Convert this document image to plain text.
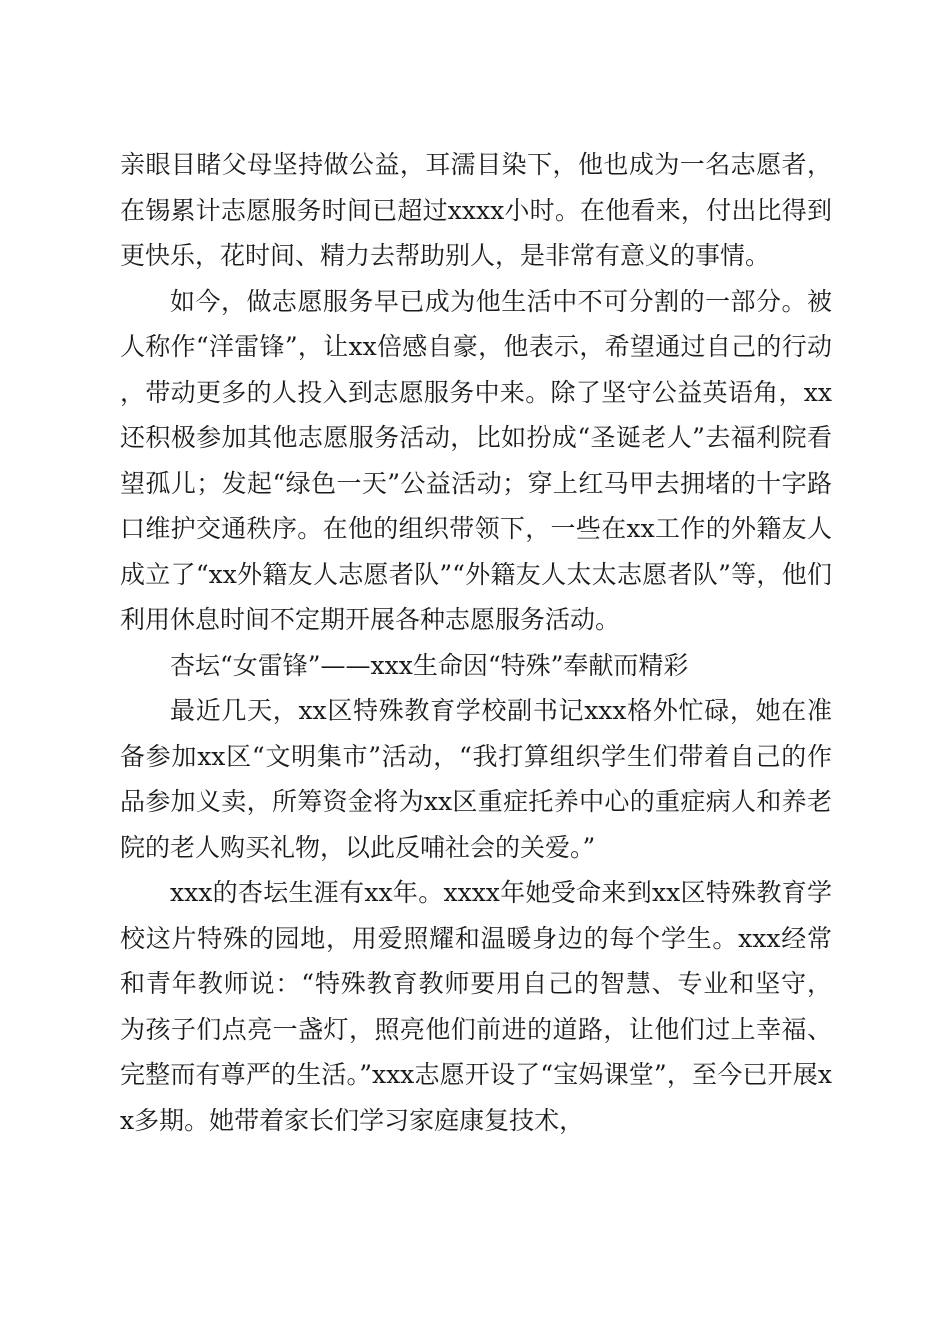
亲眼目睹父母坚持做公益，耳濡目染下，他也成为一名志愿者，在锡累计志愿服务时间已超过xxxx小时。在他看来，付出比得到更快乐，花时间、精力去帮助别人，是非常有意义的事情。

如今，做志愿服务早已成为他生活中不可分割的一部分。被人称作“洋雷锋”，让xx倍感自豪，他表示，希望通过自己的行动，带动更多的人投入到志愿服务中来。除了坚守公益英语角，xx还积极参加其他志愿服务活动，比如扮成“圣诞老人”去福利院看望孤儿；发起“绿色一天”公益活动；穿上红马甲去拥堵的十字路口维护交通秩序。在他的组织带领下，一些在xx工作的外籍友人成立了“xx外籍友人志愿者队”“外籍友人太太志愿者队”等，他们利用休息时间不定期开展各种志愿服务活动。

杏坛“女雷锋”——xxx生命因“特殊”奉献而精彩

最近几天，xx区特殊教育学校副书记xxx格外忙碌，她在准备参加xx区“文明集市”活动，“我打算组织学生们带着自己的作品参加义卖，所筹资金将为xx区重症托养中心的重症病人和养老院的老人购买礼物，以此反哺社会的关爱。”

xxx的杏坛生涯有xx年。xxxx年她受命来到xx区特殊教育学校这片特殊的园地，用爱照耀和温暖身边的每个学生。xxx经常和青年教师说：“特殊教育教师要用自己的智慧、专业和坚守，为孩子们点亮一盏灯，照亮他们前进的道路，让他们过上幸福、完整而有尊严的生活。”xxx志愿开设了“宝妈课堂”，至今已开展xx多期。她带着家长们学习家庭康复技术，
